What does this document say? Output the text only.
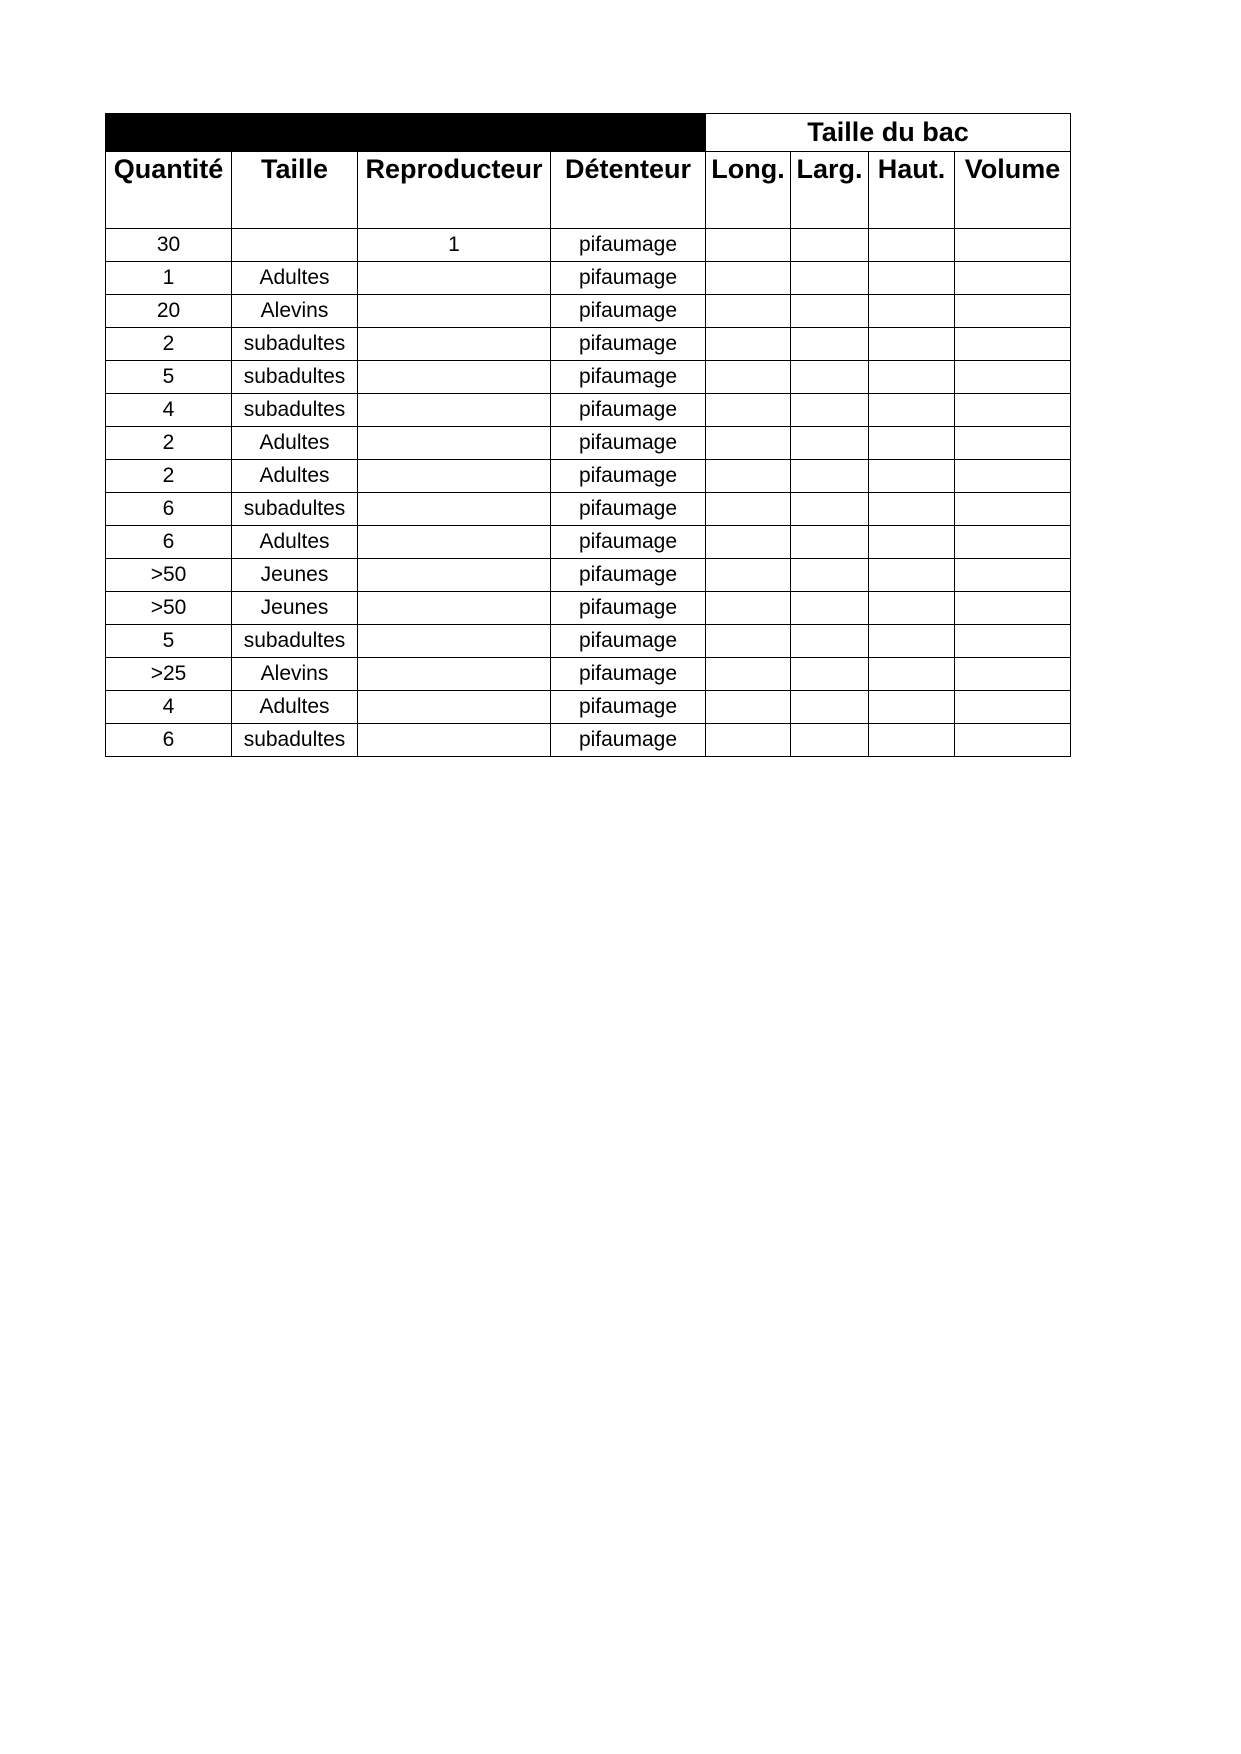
				Taille du bac			
Quantité	Taille	Reproducteur	Détenteur	Long.	Larg.	Haut.	Volume
30		1	pifaumage				
1	Adultes		pifaumage				
20	Alevins		pifaumage				
2	subadultes		pifaumage				
5	subadultes		pifaumage				
4	subadultes		pifaumage				
2	Adultes		pifaumage				
2	Adultes		pifaumage				
6	subadultes		pifaumage				
6	Adultes		pifaumage				
>50	Jeunes		pifaumage				
>50	Jeunes		pifaumage				
5	subadultes		pifaumage				
>25	Alevins		pifaumage				
4	Adultes		pifaumage				
6	subadultes		pifaumage				
